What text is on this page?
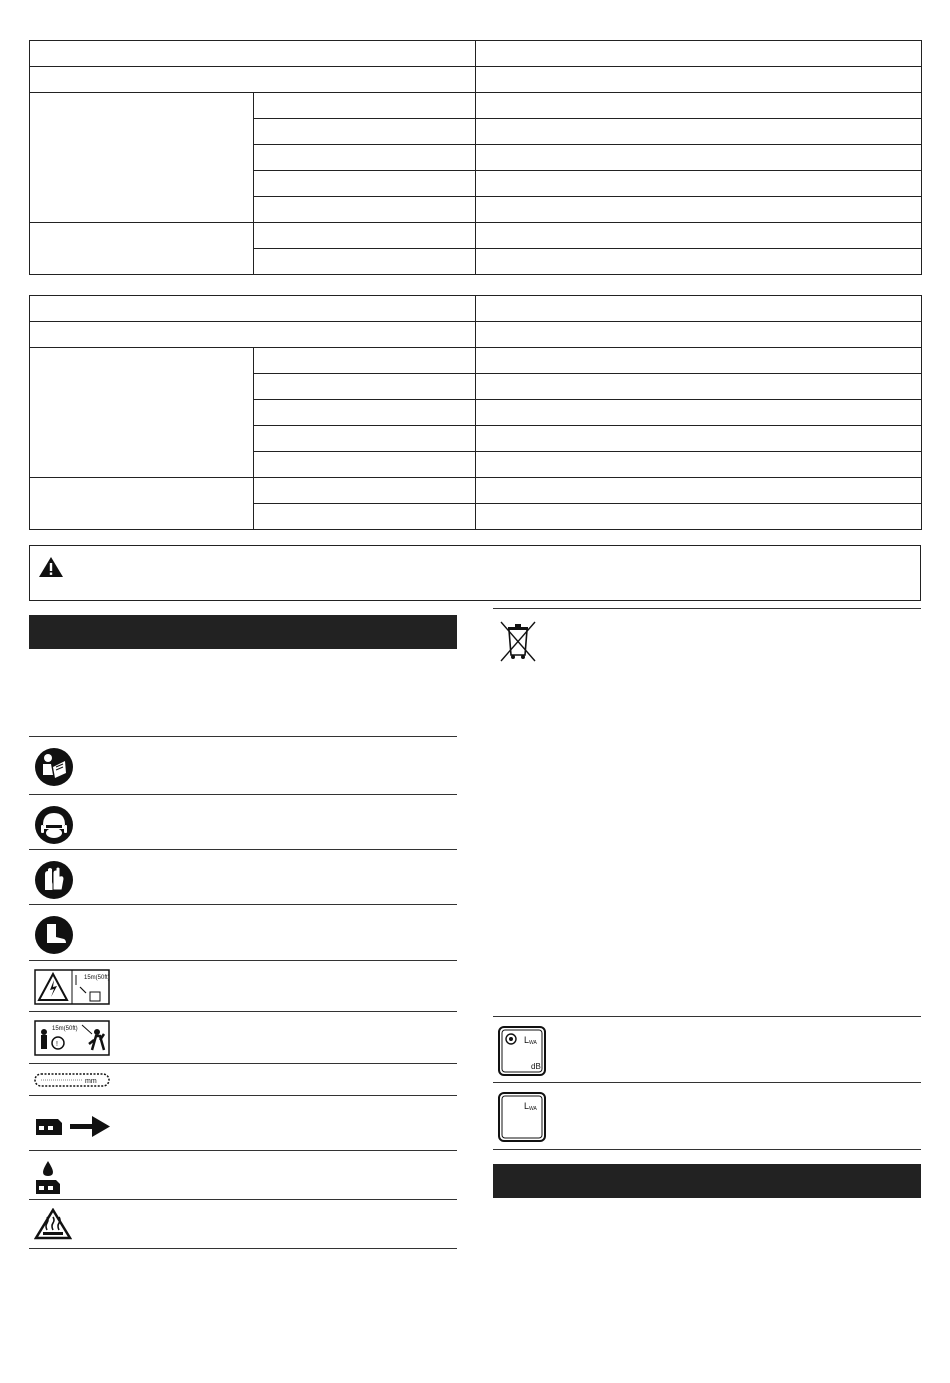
15m(50ft)
!
15m(50ft)
mm
L WA
dB
L WA
